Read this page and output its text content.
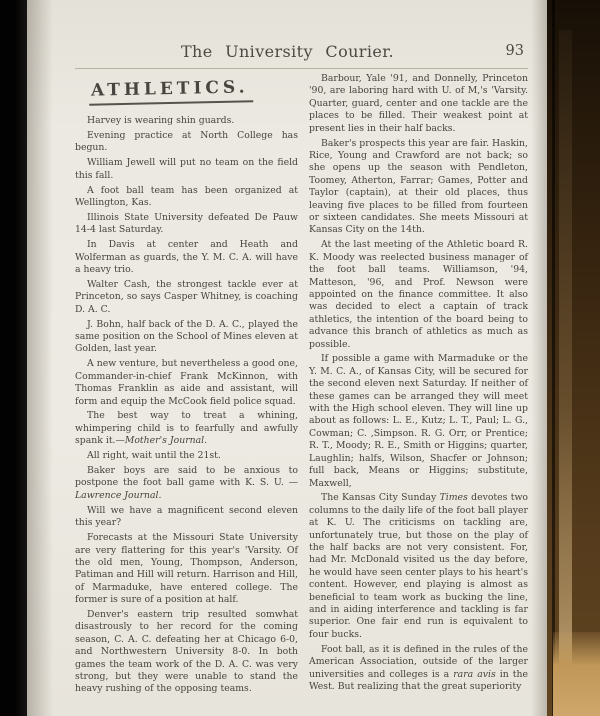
The University Courier.	93
ATHLETICS.

Harvey is wearing shin guards.

Evening practice at North College has begun.

William Jewell will put no team on the field this fall.

A foot ball team has been organized at Wellington, Kas.

Illinois State University defeated De Pauw 14-4 last Saturday.

In Davis at center and Heath and Wolferman as guards, the Y. M. C. A. will have a heavy trio.

Walter Cash, the strongest tackle ever at Princeton, so says Casper Whitney, is coaching D. A. C.

J. Bohn, half back of the D. A. C., played the same position on the School of Mines eleven at Golden, last year.

A new venture, but nevertheless a good one, Commander-in-chief Frank McKinnon, with Thomas Franklin as aide and assistant, will form and equip the McCook field police squad.

The best way to treat a whining, whimpering child is to fearfully and awfully spank it.—Mother's Journal.

All right, wait until the 21st.

Baker boys are said to be anxious to postpone the foot ball game with K. S. U. —Lawrence Journal.

Will we have a magnificent second eleven this year?

Forecasts at the Missouri State University are very flattering for this year's 'Varsity. Of the old men, Young, Thompson, Anderson, Patiman and Hill will return. Harrison and Hill, of Marmaduke, have entered college. The former is sure of a position at half.

Denver's eastern trip resulted somwhat disastrously to her record for the coming season, C. A. C. defeating her at Chicago 6-0, and Northwestern University 8-0. In both games the team work of the D. A. C. was very strong, but they were unable to stand the heavy rushing of the opposing teams.

Barbour, Yale '91, and Donnelly, Princeton '90, are laboring hard with U. of M,'s 'Varsity. Quarter, guard, center and one tackle are the places to be filled. Their weakest point at present lies in their half backs.

Baker's prospects this year are fair. Haskin, Rice, Young and Crawford are not back; so she opens up the season with Pendleton, Toomey, Atherton, Farrar; Games, Potter and Taylor (captain), at their old places, thus leaving five places to be filled from fourteen or sixteen candidates. She meets Missouri at Kansas City on the 14th.

At the last meeting of the Athletic board R. K. Moody was reelected business manager of the foot ball teams. Williamson, '94, Matteson, '96, and Prof. Newson were appointed on the finance committee. It also was decided to elect a captain of track athletics, the intention of the board being to advance this branch of athletics as much as possible.

If possible a game with Marmaduke or the Y. M. C. A., of Kansas City, will be secured for the second eleven next Saturday. If neither of these games can be arranged they will meet with the High school eleven. They will line up about as follows: L. E., Kutz; L. T., Paul; L. G., Cowman; C. ,Simpson. R. G. Orr, or Prentice; R. T., Moody; R. E., Smith or Higgins; quarter, Laughlin; halfs, Wilson, Shacfer or Johnson; full back, Means or Higgins; substitute, Maxwell,

The Kansas City Sunday Times devotes two columns to the daily life of the foot ball player at K. U. The criticisms on tackling are, unfortunately true, but those on the play of the half backs are not very consistent. For, had Mr. McDonald visited us the day before, he would have seen center plays to his heart's content. However, end playing is almost as beneficial to team work as bucking the line, and in aiding interference and tackling is far superior. One fair end run is equivalent to four bucks.

Foot ball, as it is defined in the rules of the American Association, outside of the larger universities and colleges is a rara avis in the West. But realizing that the great superiority
